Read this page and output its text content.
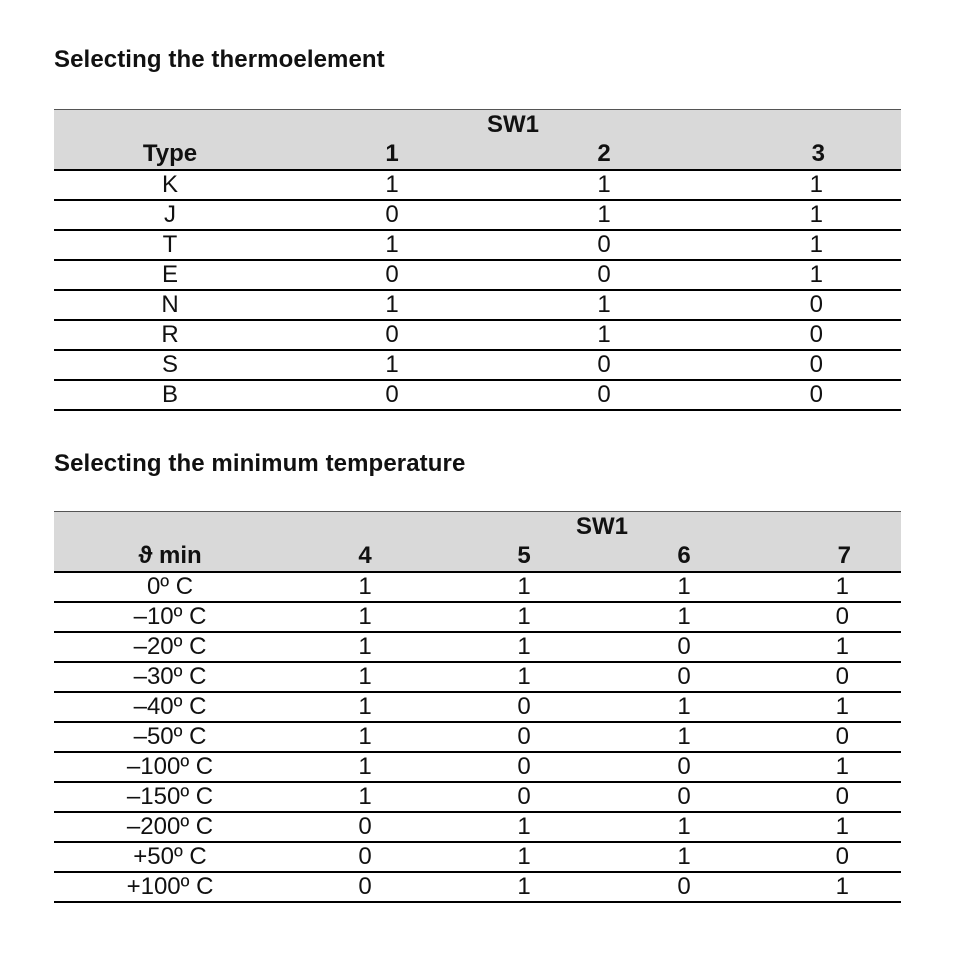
Selecting the thermoelement
	SW1		
Type	1	2	3
K	1	1	1
J	0	1	1
T	1	0	1
E	0	0	1
N	1	1	0
R	0	1	0
S	1	0	0
B	0	0	0
Selecting the minimum temperature
	SW1			
ϑ min	4	5	6	7
0º C	1	1	1	1
–10º C	1	1	1	0
–20º C	1	1	0	1
–30º C	1	1	0	0
–40º C	1	0	1	1
–50º C	1	0	1	0
–100º C	1	0	0	1
–150º C	1	0	0	0
–200º C	0	1	1	1
+50º C	0	1	1	0
+100º C	0	1	0	1
